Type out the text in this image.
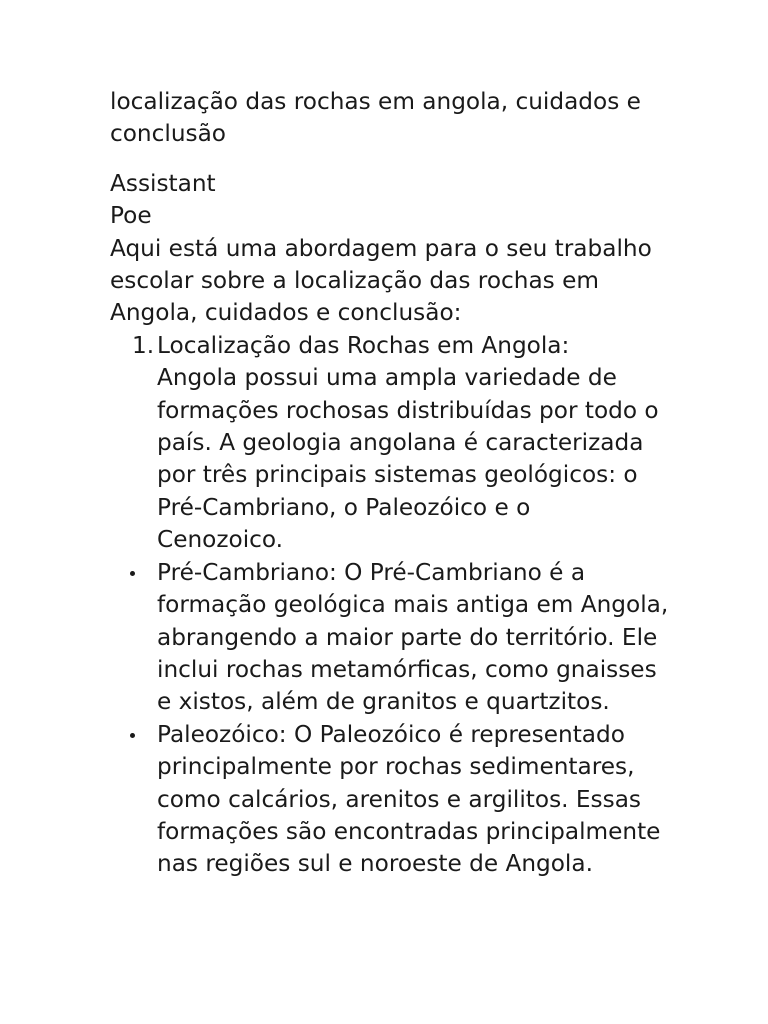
localização das rochas em angola, cuidados e
conclusão
Assistant
Poe
Aqui está uma abordagem para o seu trabalho
escolar sobre a localização das rochas em
Angola, cuidados e conclusão:
1. Localização das Rochas em Angola:
Angola possui uma ampla variedade de
formações rochosas distribuídas por todo o
país. A geologia angolana é caracterizada
por três principais sistemas geológicos: o
Pré-Cambriano, o Paleozóico e o
Cenozoico.
Pré-Cambriano: O Pré-Cambriano é a
formação geológica mais antiga em Angola,
abrangendo a maior parte do território. Ele
inclui rochas metamórficas, como gnaisses
e xistos, além de granitos e quartzitos.
Paleozóico: O Paleozóico é representado
principalmente por rochas sedimentares,
como calcários, arenitos e argilitos. Essas
formações são encontradas principalmente
nas regiões sul e noroeste de Angola.
